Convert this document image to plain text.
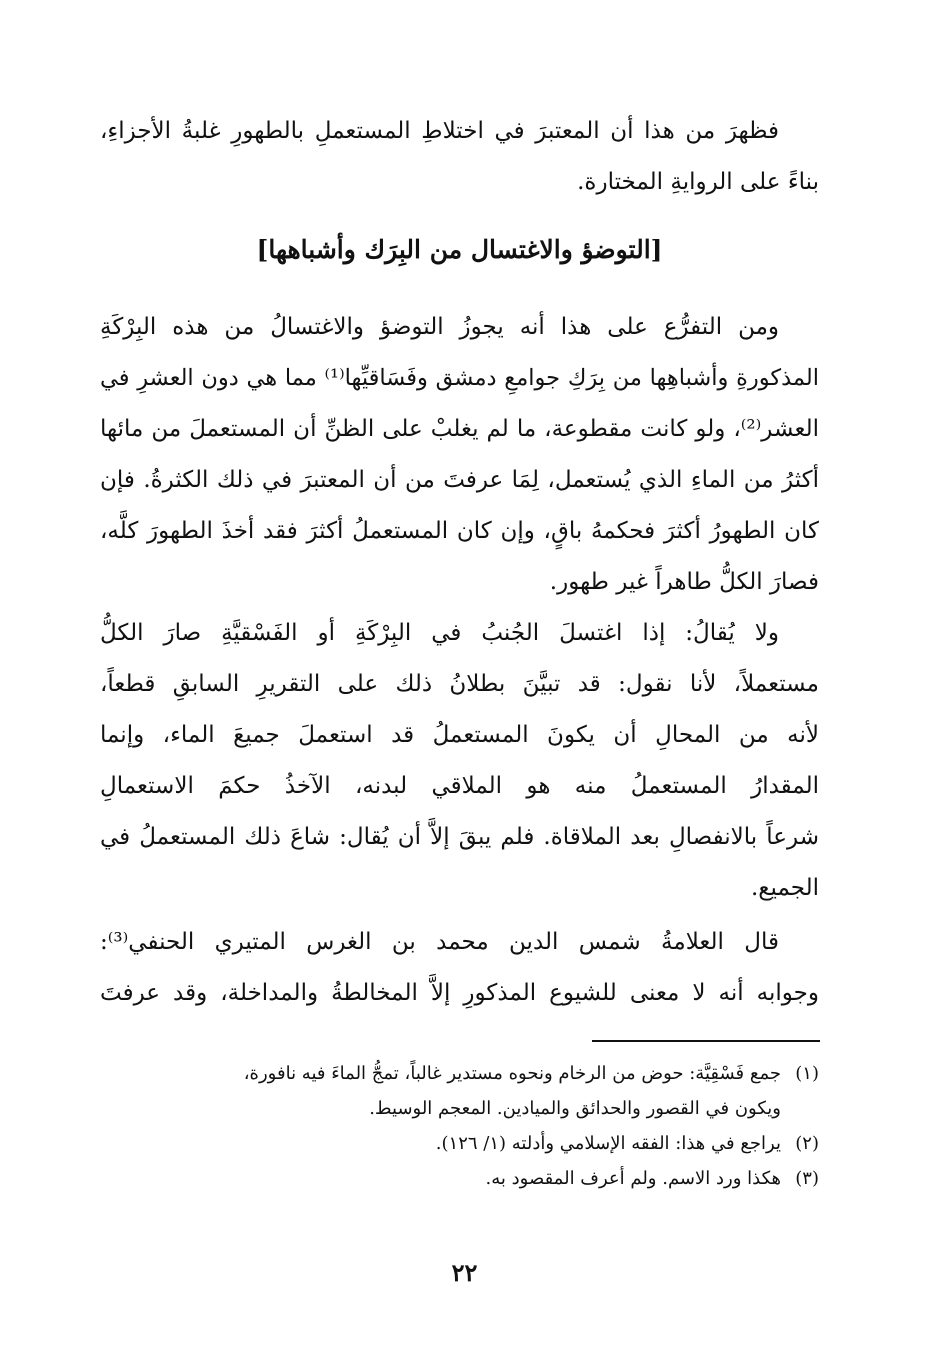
فظهرَ من هذا أن المعتبرَ في اختلاطِ المستعملِ بالطهورِ غلبةُ الأجزاءِ،
بناءً على الروايةِ المختارة.
[التوضؤ والاغتسال من البِرَك وأشباهها]
ومن التفرُّع على هذا أنه يجوزُ التوضؤ والاغتسالُ من هذه البِرْكَةِ
المذكورةِ وأشباهِها من بِرَكِ جوامعِ دمشق وفَسَاقيِّها⁽¹⁾ مما هي دون العشرِ في
العشر⁽²⁾، ولو كانت مقطوعة، ما لم يغلبْ على الظنِّ أن المستعملَ من مائها
أكثرُ من الماءِ الذي يُستعمل، لِمَا عرفتَ من أن المعتبرَ في ذلك الكثرةُ. فإن
كان الطهورُ أكثرَ فحكمهُ باقٍ، وإن كان المستعملُ أكثرَ فقد أخذَ الطهورَ كلَّه،
فصارَ الكلُّ طاهراً غير طهور.
ولا يُقالُ: إذا اغتسلَ الجُنبُ في البِرْكَةِ أو الفَسْقيَّةِ صارَ الكلُّ
مستعملاً، لأنا نقول: قد تبيَّنَ بطلانُ ذلك على التقريرِ السابقِ قطعاً،
لأنه من المحالِ أن يكونَ المستعملُ قد استعملَ جميعَ الماء، وإنما
المقدارُ المستعملُ منه هو الملاقي لبدنه، الآخذُ حكمَ الاستعمالِ
شرعاً بالانفصالِ بعد الملاقاة. فلم يبقَ إلاَّ أن يُقال: شاعَ ذلك المستعملُ في
الجميع.
قال العلامةُ شمس الدين محمد بن الغرس المتيري الحنفي⁽³⁾:
وجوابه أنه لا معنى للشيوع المذكورِ إلاَّ المخالطةُ والمداخلة، وقد عرفتَ
(١)جمع فَسْقِيَّة: حوض من الرخام ونحوه مستدير غالباً، تمجُّ الماءَ فيه نافورة،
ويكون في القصور والحدائق والميادين. المعجم الوسيط.
(٢)يراجع في هذا: الفقه الإسلامي وأدلته (١/ ١٢٦).
(٣)هكذا ورد الاسم. ولم أعرف المقصود به.
٢٢
